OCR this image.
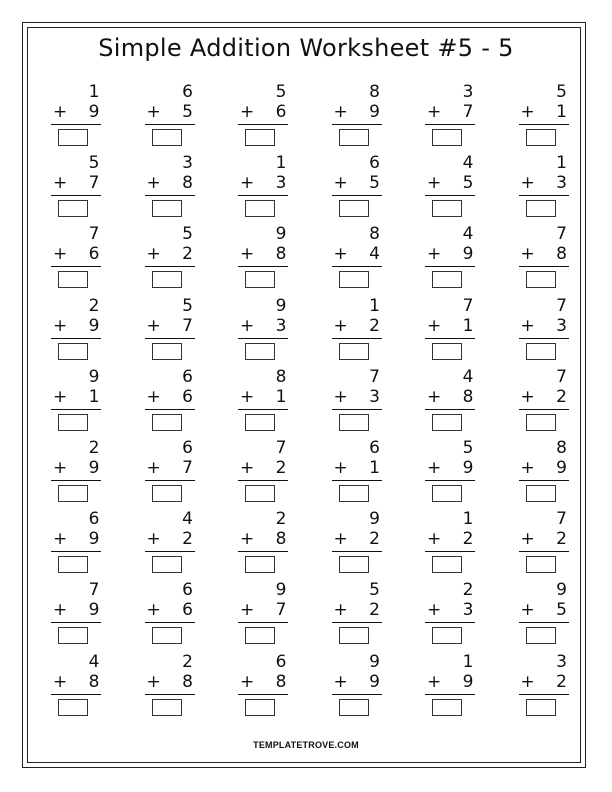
Simple Addition Worksheet #5 - 5
1
+ 9
6
+ 5
5
+ 6
8
+ 9
3
+ 7
5
+ 1
5
+ 7
3
+ 8
1
+ 3
6
+ 5
4
+ 5
1
+ 3
7
+ 6
5
+ 2
9
+ 8
8
+ 4
4
+ 9
7
+ 8
2
+ 9
5
+ 7
9
+ 3
1
+ 2
7
+ 1
7
+ 3
9
+ 1
6
+ 6
8
+ 1
7
+ 3
4
+ 8
7
+ 2
2
+ 9
6
+ 7
7
+ 2
6
+ 1
5
+ 9
8
+ 9
6
+ 9
4
+ 2
2
+ 8
9
+ 2
1
+ 2
7
+ 2
7
+ 9
6
+ 6
9
+ 7
5
+ 2
2
+ 3
9
+ 5
4
+ 8
2
+ 8
6
+ 8
9
+ 9
1
+ 9
3
+ 2
TEMPLATETROVE.COM
